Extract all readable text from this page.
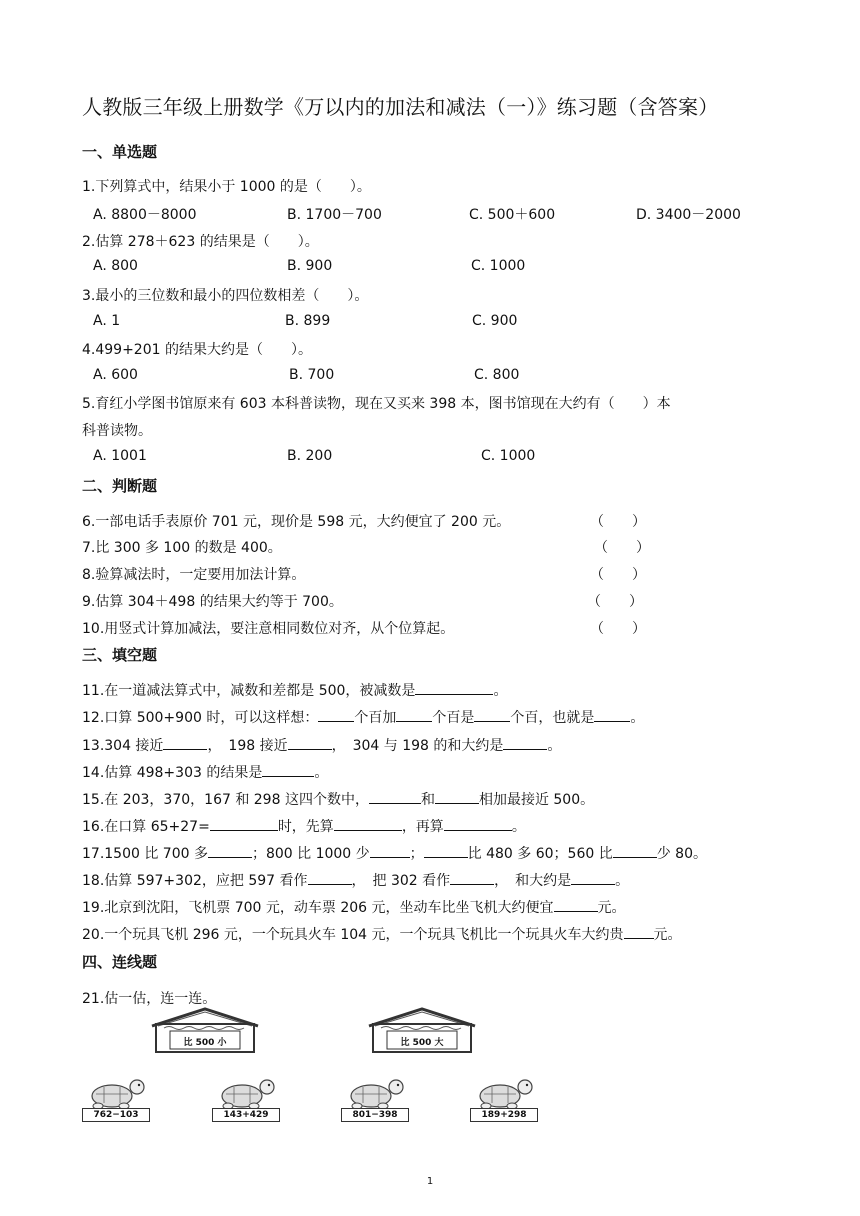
人教版三年级上册数学《万以内的加法和减法（一）》练习题（含答案）
一、单选题
1.下列算式中，结果小于 1000 的是（　　）。
A. 8800－8000	B. 1700－700	C. 500＋600	D. 3400－2000
2.估算 278＋623 的结果是（　　）。
A. 800	B. 900	C. 1000
3.最小的三位数和最小的四位数相差（　　）。
A. 1	B. 899	C. 900
4.499+201 的结果大约是（　　）。
A. 600	B. 700	C. 800
5.育红小学图书馆原来有 603 本科普读物，现在又买来 398 本，图书馆现在大约有（　　）本
科普读物。
A. 1001	B. 200	C. 1000
二、判断题
6.一部电话手表原价 701 元，现价是 598 元，大约便宜了 200 元。	（　　）
7.比 300 多 100 的数是 400。	（　　）
8.验算减法时，一定要用加法计算。	（　　）
9.估算 304＋498 的结果大约等于 700。	（　　）
10.用竖式计算加减法，要注意相同数位对齐，从个位算起。	（　　）
三、填空题
11.在一道减法算式中，减数和差都是 500，被减数是	。
12.口算 500+900 时，可以这样想：	个百加	个百是	个百，也就是	。
13.304 接近	，　198 接近	，　304 与 198 的和大约是	。
14.估算 498+303 的结果是	。
15.在 203，370，167 和 298 这四个数中，	和	相加最接近 500。
16.在口算 65+27=	时，先算	，再算	。
17.1500 比 700 多	；800 比 1000 少	；	比 480 多 60；560 比	少 80。
18.估算 597+302，应把 597 看作	，　把 302 看作	，　和大约是	。
19.北京到沈阳，飞机票 700 元，动车票 206 元，坐动车比坐飞机大约便宜	元。
20.一个玩具飞机 296 元，一个玩具火车 104 元，一个玩具飞机比一个玩具火车大约贵 元。
四、连线题
21.估一估，连一连。
比 500 小	比 500 大
762−103	143+429	801−398	189+298
1
